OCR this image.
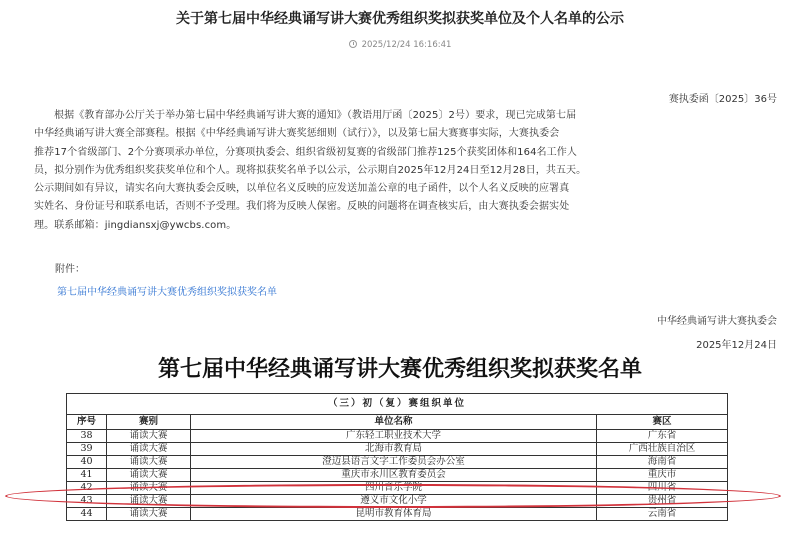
关于第七届中华经典诵写讲大赛优秀组织奖拟获奖单位及个人名单的公示
2025/12/24 16:16:41
赛执委函〔2025〕36号
根据《教育部办公厅关于举办第七届中华经典诵写讲大赛的通知》（教语用厅函〔2025〕2号）要求，现已完成第七届
中华经典诵写讲大赛全部赛程。根据《中华经典诵写讲大赛奖惩细则（试行）》，以及第七届大赛赛事实际，大赛执委会
推荐17个省级部门、2个分赛项承办单位，分赛项执委会、组织省级初复赛的省级部门推荐125个获奖团体和164名工作人
员，拟分别作为优秀组织奖获奖单位和个人。现将拟获奖名单予以公示，公示期自2025年12月24日至12月28日，共五天。
公示期间如有异议，请实名向大赛执委会反映，以单位名义反映的应发送加盖公章的电子函件，以个人名义反映的应署真
实姓名、身份证号和联系电话，否则不予受理。我们将为反映人保密。反映的问题将在调查核实后，由大赛执委会据实处
理。联系邮箱：jingdiansxj@ywcbs.com。
附件：
第七届中华经典诵写讲大赛优秀组织奖拟获奖名单
中华经典诵写讲大赛执委会
2025年12月24日
第七届中华经典诵写讲大赛优秀组织奖拟获奖名单
（三）初（复）赛组织单位			
序号	赛别	单位名称	赛区
38	诵读大赛	广东轻工职业技术大学	广东省
39	诵读大赛	北海市教育局	广西壮族自治区
40	诵读大赛	澄迈县语言文字工作委员会办公室	海南省
41	诵读大赛	重庆市永川区教育委员会	重庆市
42	诵读大赛	四川音乐学院	四川省
43	诵读大赛	遵义市文化小学	贵州省
44	诵读大赛	昆明市教育体育局	云南省
